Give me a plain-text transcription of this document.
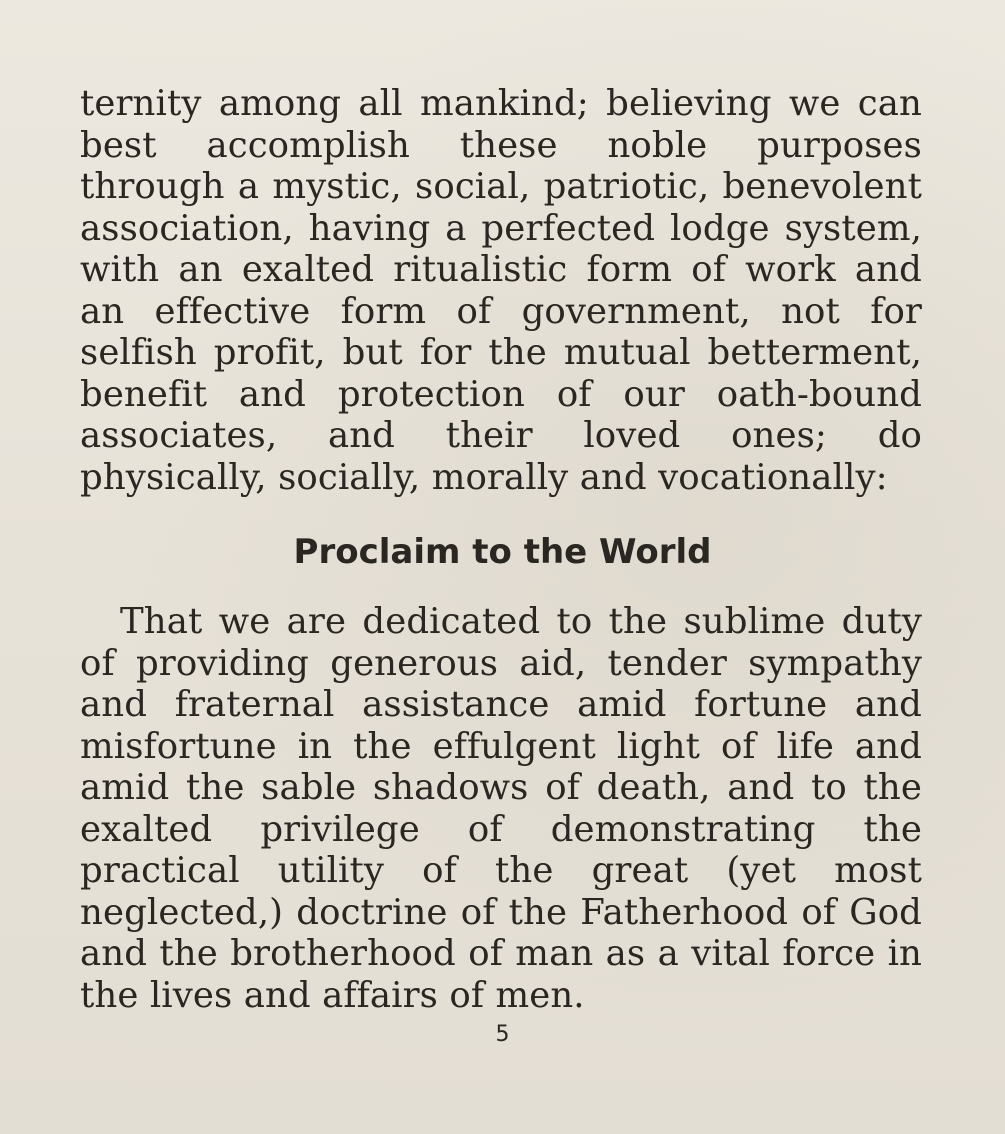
ternity among all mankind; believing we can best accomplish these noble purposes through a mystic, social, patriotic, benevolent association, having a perfected lodge system, with an exalted ritualistic form of work and an effective form of government, not for selfish profit, but for the mutual betterment, benefit and protection of our oath-bound associates, and their loved ones; do physically, socially, morally and vocationally:

Proclaim to the World

That we are dedicated to the sublime duty of providing generous aid, tender sympathy and fraternal assistance amid fortune and misfortune in the effulgent light of life and amid the sable shadows of death, and to the exalted privilege of demonstrating the practical utility of the great (yet most neglected,) doctrine of the Fatherhood of God and the brotherhood of man as a vital force in the lives and affairs of men.

5
